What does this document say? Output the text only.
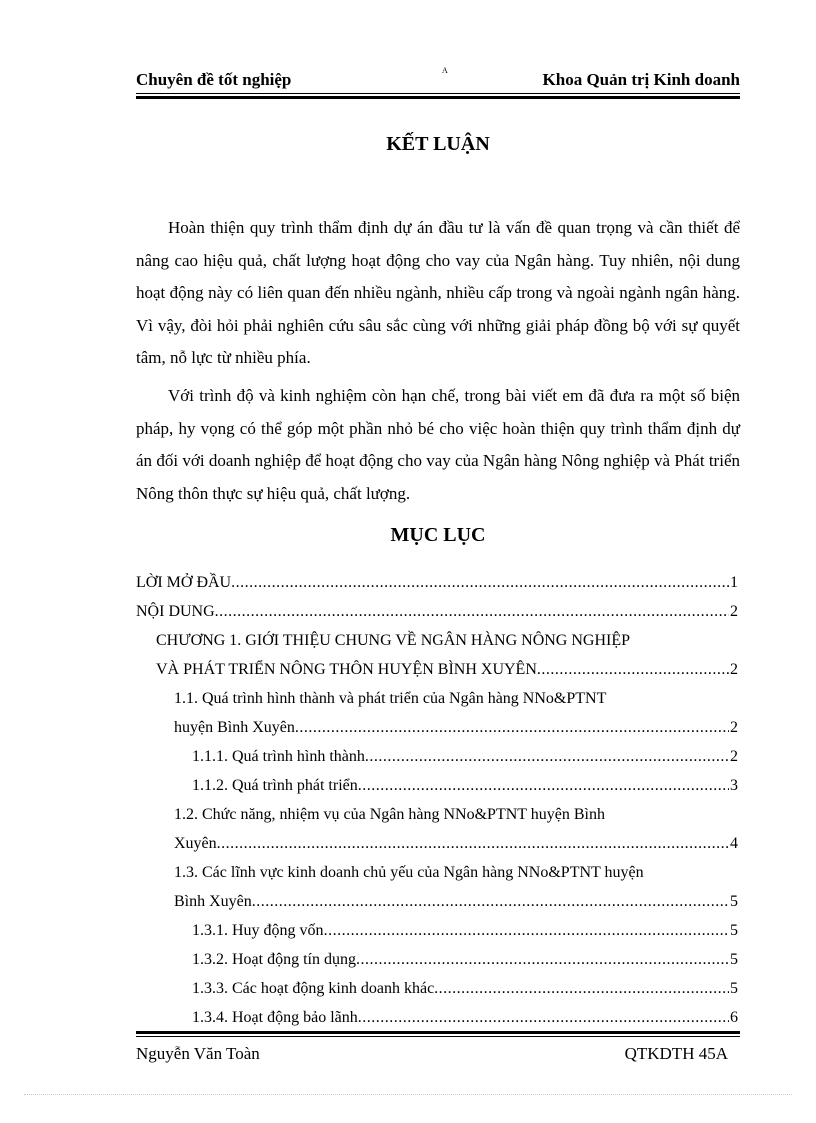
Chuyên đề tốt nghiệp	A	Khoa Quản trị Kinh doanh
KẾT LUẬN

Hoàn thiện quy trình thẩm định dự án đầu tư là vấn đề quan trọng và cần thiết để nâng cao hiệu quả, chất lượng hoạt động cho vay của Ngân hàng. Tuy nhiên, nội dung hoạt động này có liên quan đến nhiều ngành, nhiều cấp trong và ngoài ngành ngân hàng. Vì vậy, đòi hỏi phải nghiên cứu sâu sắc cùng với những giải pháp đồng bộ với sự quyết tâm, nỗ lực từ nhiều phía.

Với trình độ và kinh nghiệm còn hạn chế, trong bài viết em đã đưa ra một số biện pháp, hy vọng có thể góp một phần nhỏ bé cho việc hoàn thiện quy trình thẩm định dự án đối với doanh nghiệp để hoạt động cho vay của Ngân hàng Nông nghiệp và Phát triển Nông thôn thực sự hiệu quả, chất lượng.

MỤC LỤC
LỜI MỞ ĐẦU .....	1
NỘI DUNG .....	2
CHƯƠNG 1. GIỚI THIỆU CHUNG VỀ NGÂN HÀNG NÔNG NGHIỆP
VÀ PHÁT TRIỂN NÔNG THÔN HUYỆN BÌNH XUYÊN .....	2
1.1. Quá trình hình thành và phát triển của Ngân hàng NNo&PTNT
huyện Bình Xuyên .....	2
1.1.1. Quá trình hình thành .....	2
1.1.2. Quá trình phát triển .....	3
1.2. Chức năng, nhiệm vụ của Ngân hàng NNo&PTNT huyện Bình
Xuyên .....	4
1.3. Các lĩnh vực kinh doanh chủ yếu của Ngân hàng NNo&PTNT huyện
Bình Xuyên .....	5
1.3.1. Huy động vốn .....	5
1.3.2. Hoạt động tín dụng .....	5
1.3.3. Các hoạt động kinh doanh khác .....	5
1.3.4. Hoạt động bảo lãnh .....	6
Nguyễn Văn Toàn	QTKDTH 45A
